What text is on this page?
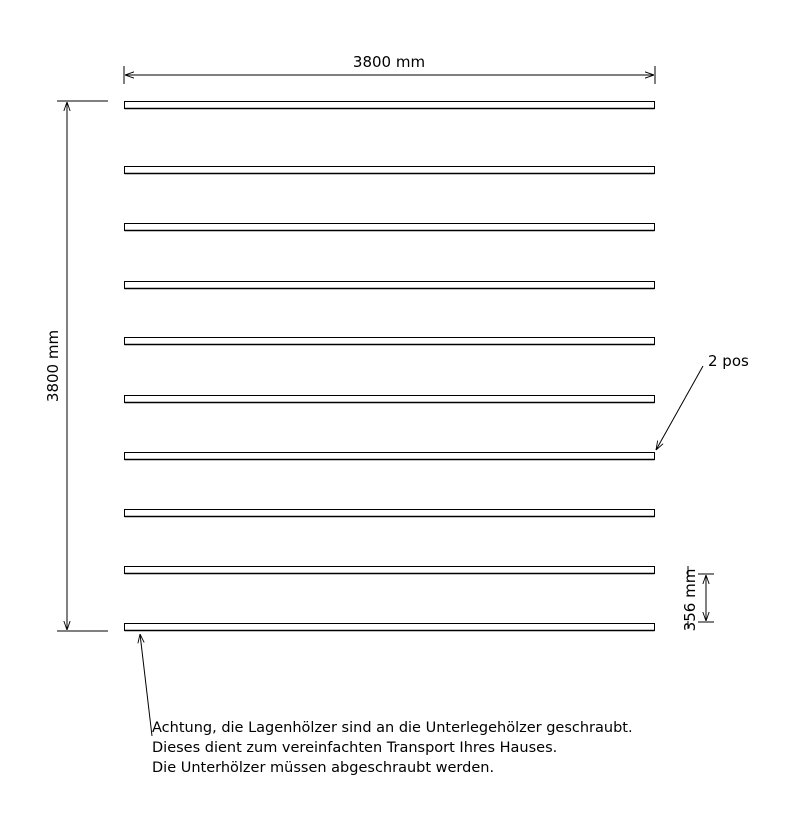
3800 mm
3800 mm
356 mm
2 pos

Achtung, die Lagenhölzer sind an die Unterlegehölzer geschraubt.
Dieses dient zum vereinfachten Transport Ihres Hauses.
Die Unterhölzer müssen abgeschraubt werden.
